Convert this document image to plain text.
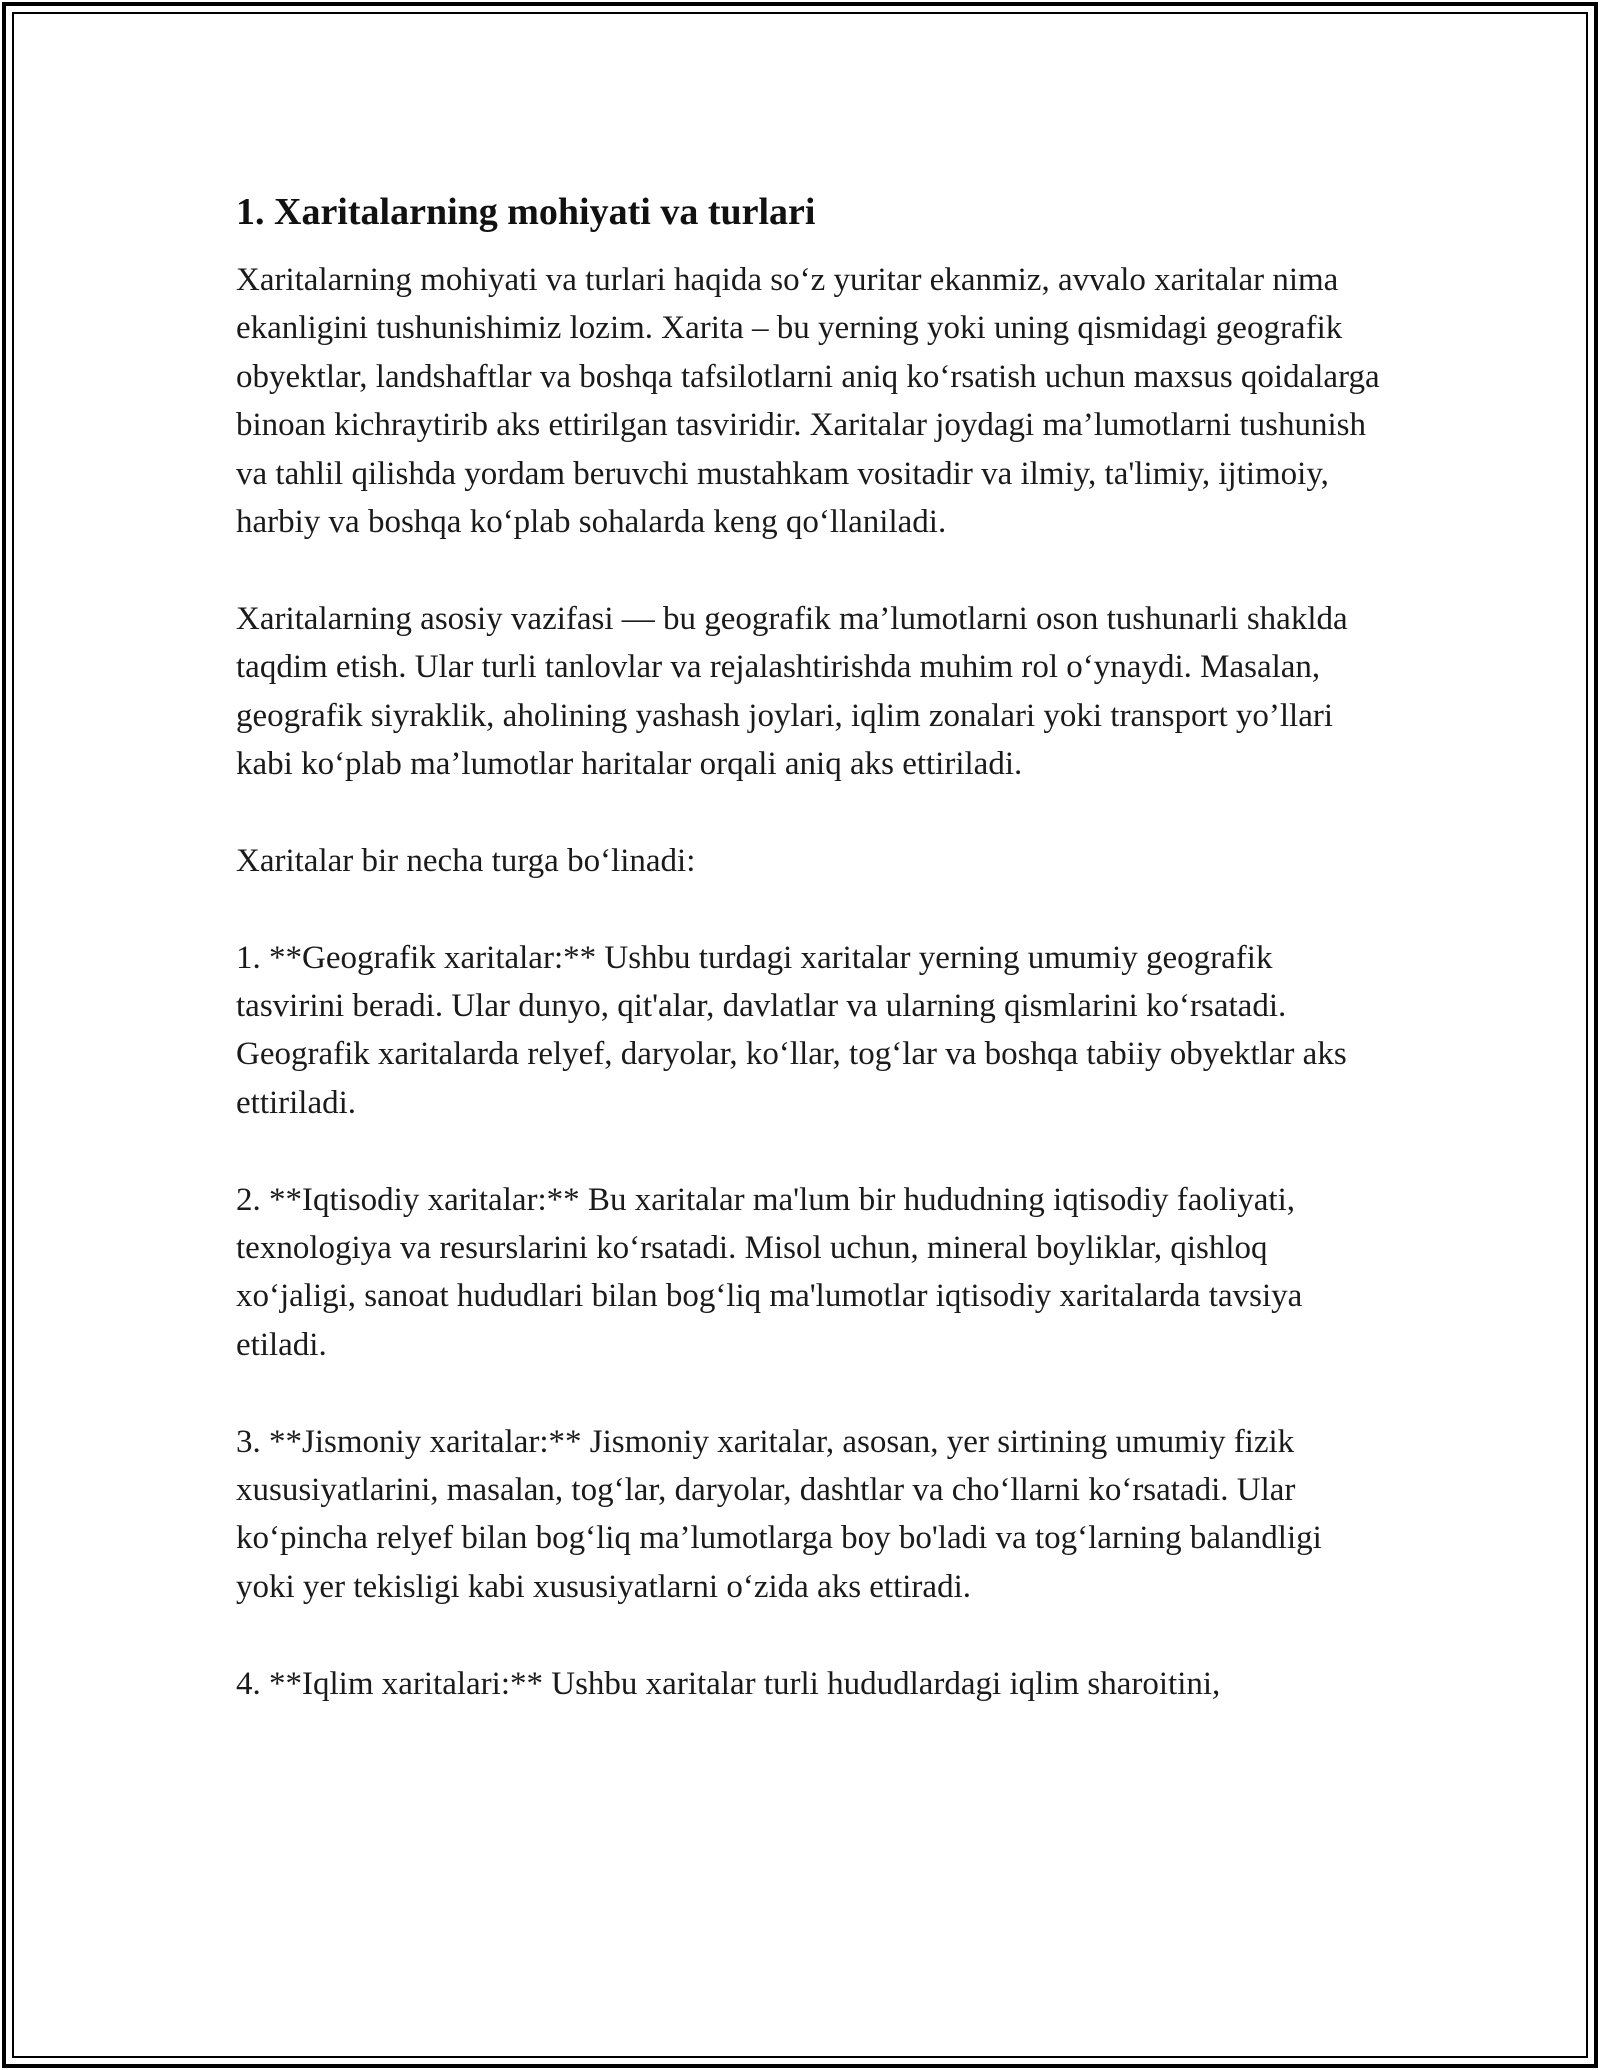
1. Xaritalarning mohiyati va turlari

Xaritalarning mohiyati va turlari haqida so‘z yuritar ekanmiz, avvalo xaritalar nima ekanligini tushunishimiz lozim. Xarita – bu yerning yoki uning qismidagi geografik obyektlar, landshaftlar va boshqa tafsilotlarni aniq ko‘rsatish uchun maxsus qoidalarga binoan kichraytirib aks ettirilgan tasviridir. Xaritalar joydagi ma’lumotlarni tushunish va tahlil qilishda yordam beruvchi mustahkam vositadir va ilmiy, ta'limiy, ijtimoiy, harbiy va boshqa ko‘plab sohalarda keng qo‘llaniladi.

Xaritalarning asosiy vazifasi — bu geografik ma’lumotlarni oson tushunarli shaklda taqdim etish. Ular turli tanlovlar va rejalashtirishda muhim rol o‘ynaydi. Masalan, geografik siyraklik, aholining yashash joylari, iqlim zonalari yoki transport yo’llari kabi ko‘plab ma’lumotlar haritalar orqali aniq aks ettiriladi.

Xaritalar bir necha turga bo‘linadi:

1. **Geografik xaritalar:** Ushbu turdagi xaritalar yerning umumiy geografik tasvirini beradi. Ular dunyo, qit'alar, davlatlar va ularning qismlarini ko‘rsatadi. Geografik xaritalarda relyef, daryolar, ko‘llar, tog‘lar va boshqa tabiiy obyektlar aks ettiriladi.

2. **Iqtisodiy xaritalar:** Bu xaritalar ma'lum bir hududning iqtisodiy faoliyati, texnologiya va resurslarini ko‘rsatadi. Misol uchun, mineral boyliklar, qishloq xo‘jaligi, sanoat hududlari bilan bog‘liq ma'lumotlar iqtisodiy xaritalarda tavsiya etiladi.

3. **Jismoniy xaritalar:** Jismoniy xaritalar, asosan, yer sirtining umumiy fizik xususiyatlarini, masalan, tog‘lar, daryolar, dashtlar va cho‘llarni ko‘rsatadi. Ular ko‘pincha relyef bilan bog‘liq ma’lumotlarga boy bo'ladi va tog‘larning balandligi yoki yer tekisligi kabi xususiyatlarni o‘zida aks ettiradi.

4. **Iqlim xaritalari:** Ushbu xaritalar turli hududlardagi iqlim sharoitini,
